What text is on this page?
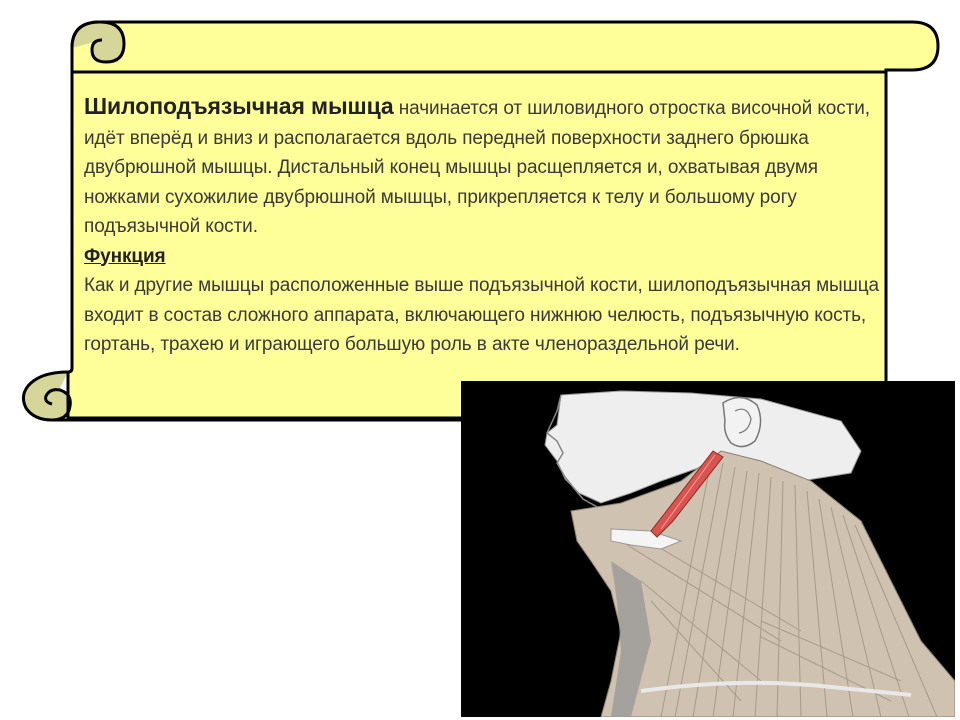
Шилоподъязычная мышца начинается от шиловидного отростка височной кости, идёт вперёд и вниз и располагается вдоль передней поверхности заднего брюшка двубрюшной мышцы. Дистальный конец мышцы расщепляется и, охватывая двумя ножками сухожилие двубрюшной мышцы, прикрепляется к телу и большому рогу подъязычной кости.

Функция

Как и другие мышцы расположенные выше подъязычной кости, шилоподъязычная мышца входит в состав сложного аппарата, включающего нижнюю челюсть, подъязычную кость, гортань, трахею и играющего большую роль в акте членораздельной речи.
